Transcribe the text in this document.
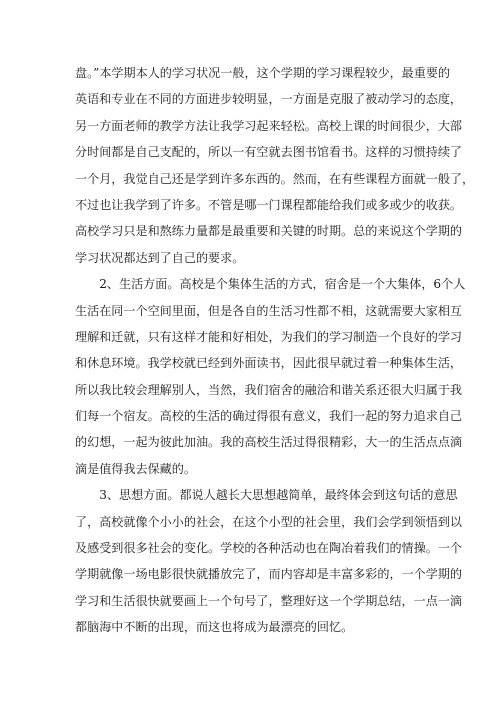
盘。”本学期本人的学习状况一般，这个学期的学习课程较少，最重要的
英语和专业在不同的方面进步较明显，一方面是克服了被动学习的态度，
另一方面老师的教学方法让我学习起来轻松。高校上课的时间很少，大部
分时间都是自己支配的，所以一有空就去图书馆看书。这样的习惯持续了
一个月，我觉自己还是学到许多东西的。然而，在有些课程方面就一般了，
不过也让我学到了许多。不管是哪一门课程都能给我们或多或少的收获。
高校学习只是和熬练力量都是最重要和关键的时期。总的来说这个学期的
学习状况都达到了自己的要求。
　　2、生活方面。高校是个集体生活的方式，宿舍是一个大集体，6个人
生活在同一个空间里面，但是各自的生活习性都不相，这就需要大家相互
理解和迁就，只有这样才能和好相处，为我们的学习制造一个良好的学习
和休息环境。我学校就已经到外面读书，因此很早就过着一种集体生活，
所以我比较会理解别人，当然，我们宿舍的融洽和谐关系还很大归属于我
们每一个宿友。高校的生活的确过得很有意义，我们一起的努力追求自己
的幻想，一起为彼此加油。我的高校生活过得很精彩，大一的生活点点滴
滴是值得我去保藏的。
　　3、思想方面。都说人越长大思想越简单，最终体会到这句话的意思
了，高校就像个小小的社会，在这个小型的社会里，我们会学到领悟到以
及感受到很多社会的变化。学校的各种活动也在陶冶着我们的情操。一个
学期就像一场电影很快就播放完了，而内容却是丰富多彩的，一个学期的
学习和生活很快就要画上一个句号了，整理好这一个学期总结，一点一滴
都脑海中不断的出现，而这也将成为最漂亮的回忆。
